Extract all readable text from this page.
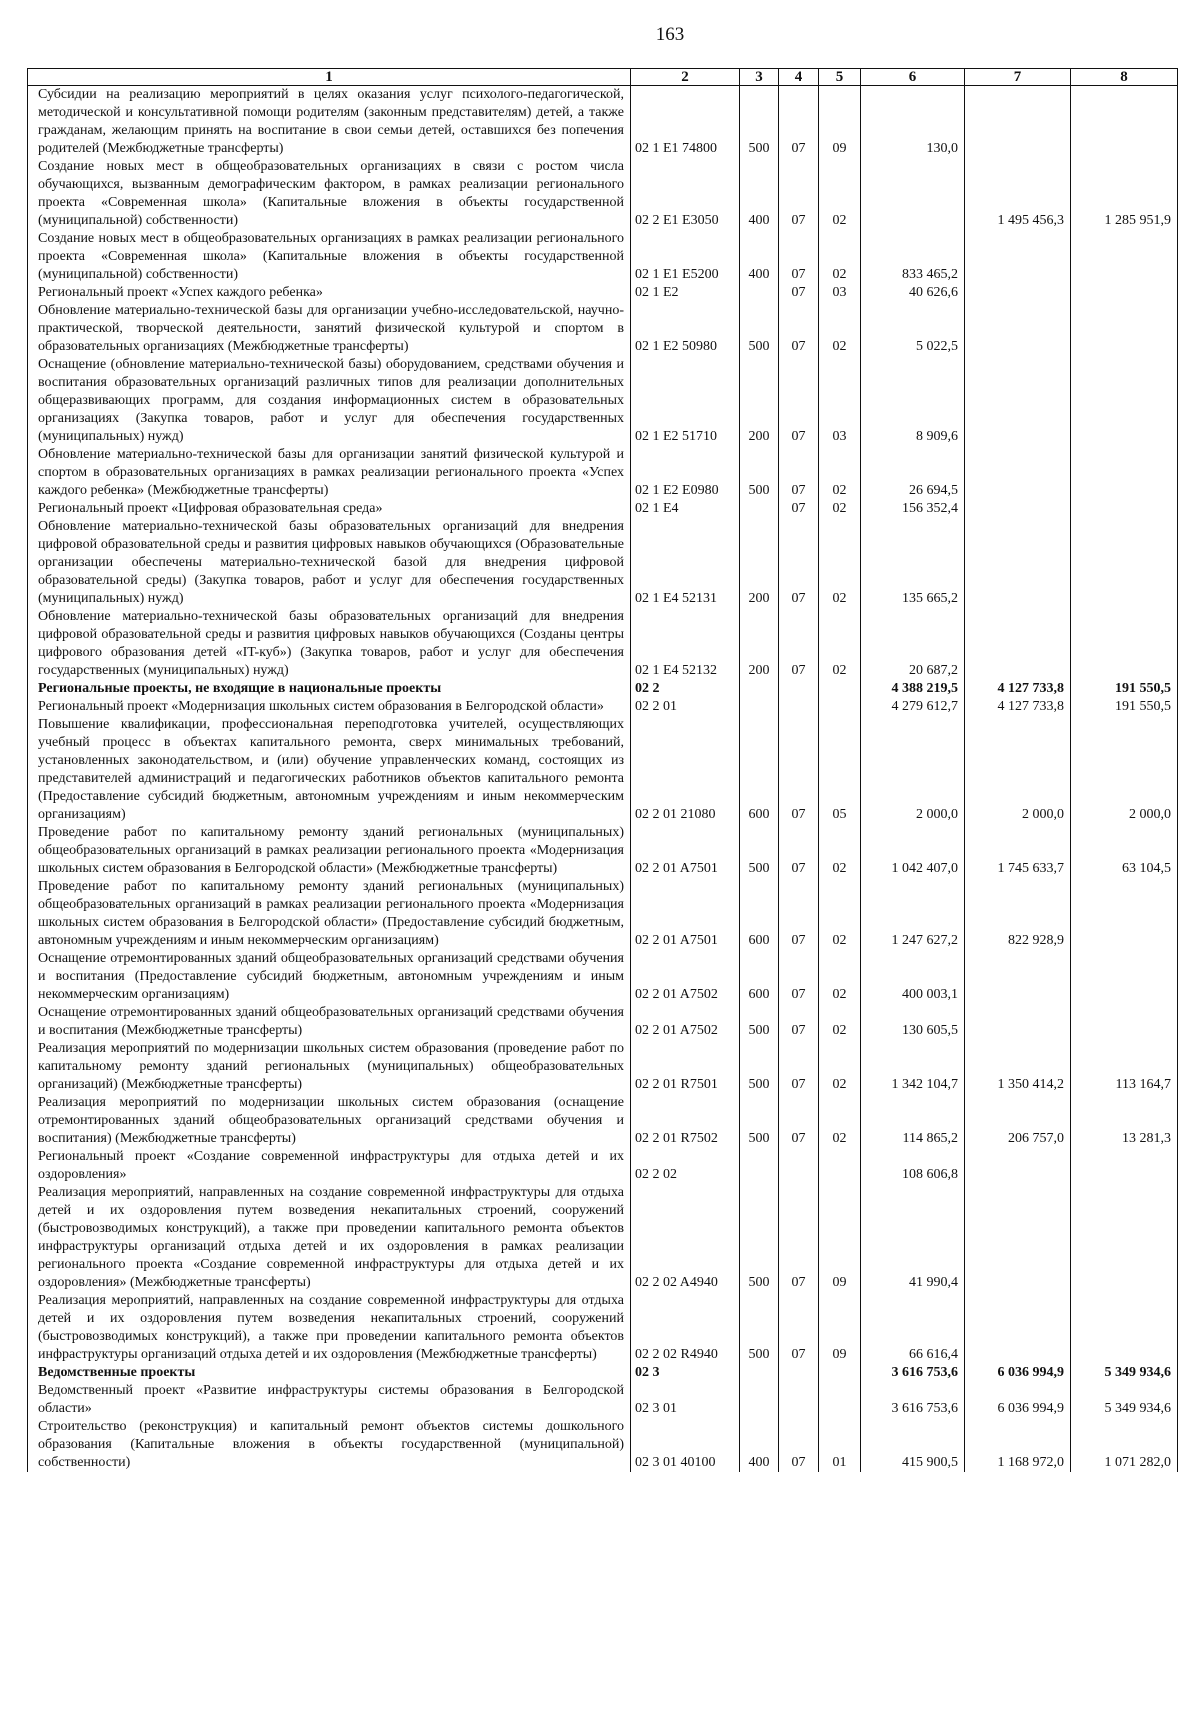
163
1	2	3	4	5	6	7	8
Субсидии на реализацию мероприятий в целях оказания услуг психолого-педагогической, методической и консультативной помощи родителям (законным представителям) детей, а также гражданам, желающим принять на воспитание в свои семьи детей, оставшихся без попечения родителей (Межбюджетные трансферты)	02 1 E1 74800	500	07	09	130,0		
Создание новых мест в общеобразовательных организациях в связи с ростом числа обучающихся, вызванным демографическим фактором, в рамках реализации регионального проекта «Современная школа» (Капитальные вложения в объекты государственной (муниципальной) собственности)	02 2 E1 E3050	400	07	02		1 495 456,3	1 285 951,9
Создание новых мест в общеобразовательных организациях в рамках реализации регионального проекта «Современная школа» (Капитальные вложения в объекты государственной (муниципальной) собственности)	02 1 E1 E5200	400	07	02	833 465,2		
Региональный проект «Успех каждого ребенка»	02 1 E2		07	03	40 626,6		
Обновление материально-технической базы для организации учебно-исследовательской, научно-практической, творческой деятельности, занятий физической культурой и спортом в образовательных организациях (Межбюджетные трансферты)	02 1 E2 50980	500	07	02	5 022,5		
Оснащение (обновление материально-технической базы) оборудованием, средствами обучения и воспитания образовательных организаций различных типов для реализации дополнительных общеразвивающих программ, для создания информационных систем в образовательных организациях (Закупка товаров, работ и услуг для обеспечения государственных (муниципальных) нужд)	02 1 E2 51710	200	07	03	8 909,6		
Обновление материально-технической базы для организации занятий физической культурой и спортом в образовательных организациях в рамках реализации регионального проекта «Успех каждого ребенка» (Межбюджетные трансферты)	02 1 E2 E0980	500	07	02	26 694,5		
Региональный проект «Цифровая образовательная среда»	02 1 E4		07	02	156 352,4		
Обновление материально-технической базы образовательных организаций для внедрения цифровой образовательной среды и развития цифровых навыков обучающихся (Образовательные организации обеспечены материально-технической базой для внедрения цифровой образовательной среды) (Закупка товаров, работ и услуг для обеспечения государственных (муниципальных) нужд)	02 1 E4 52131	200	07	02	135 665,2		
Обновление материально-технической базы образовательных организаций для внедрения цифровой образовательной среды и развития цифровых навыков обучающихся (Созданы центры цифрового образования детей «IT-куб») (Закупка товаров, работ и услуг для обеспечения государственных (муниципальных) нужд)	02 1 E4 52132	200	07	02	20 687,2		
Региональные проекты, не входящие в национальные проекты	02 2				4 388 219,5	4 127 733,8	191 550,5
Региональный проект «Модернизация школьных систем образования в Белгородской области»	02 2 01				4 279 612,7	4 127 733,8	191 550,5
Повышение квалификации, профессиональная переподготовка учителей, осуществляющих учебный процесс в объектах капитального ремонта, сверх минимальных требований, установленных законодательством, и (или) обучение управленческих команд, состоящих из представителей администраций и педагогических работников объектов капитального ремонта (Предоставление субсидий бюджетным, автономным учреждениям и иным некоммерческим организациям)	02 2 01 21080	600	07	05	2 000,0	2 000,0	2 000,0
Проведение работ по капитальному ремонту зданий региональных (муниципальных) общеобразовательных организаций в рамках реализации регионального проекта «Модернизация школьных систем образования в Белгородской области» (Межбюджетные трансферты)	02 2 01 A7501	500	07	02	1 042 407,0	1 745 633,7	63 104,5
Проведение работ по капитальному ремонту зданий региональных (муниципальных) общеобразовательных организаций в рамках реализации регионального проекта «Модернизация школьных систем образования в Белгородской области» (Предоставление субсидий бюджетным, автономным учреждениям и иным некоммерческим организациям)	02 2 01 A7501	600	07	02	1 247 627,2	822 928,9	
Оснащение отремонтированных зданий общеобразовательных организаций средствами обучения и воспитания (Предоставление субсидий бюджетным, автономным учреждениям и иным некоммерческим организациям)	02 2 01 A7502	600	07	02	400 003,1		
Оснащение отремонтированных зданий общеобразовательных организаций средствами обучения и воспитания (Межбюджетные трансферты)	02 2 01 A7502	500	07	02	130 605,5		
Реализация мероприятий по модернизации школьных систем образования (проведение работ по капитальному ремонту зданий региональных (муниципальных) общеобразовательных организаций) (Межбюджетные трансферты)	02 2 01 R7501	500	07	02	1 342 104,7	1 350 414,2	113 164,7
Реализация мероприятий по модернизации школьных систем образования (оснащение отремонтированных зданий общеобразовательных организаций средствами обучения и воспитания) (Межбюджетные трансферты)	02 2 01 R7502	500	07	02	114 865,2	206 757,0	13 281,3
Региональный проект «Создание современной инфраструктуры для отдыха детей и их оздоровления»	02 2 02				108 606,8		
Реализация мероприятий, направленных на создание современной инфраструктуры для отдыха детей и их оздоровления путем возведения некапитальных строений, сооружений (быстровозводимых конструкций), а также при проведении капитального ремонта объектов инфраструктуры организаций отдыха детей и их оздоровления в рамках реализации регионального проекта «Создание современной инфраструктуры для отдыха детей и их оздоровления» (Межбюджетные трансферты)	02 2 02 A4940	500	07	09	41 990,4		
Реализация мероприятий, направленных на создание современной инфраструктуры для отдыха детей и их оздоровления путем возведения некапитальных строений, сооружений (быстровозводимых конструкций), а также при проведении капитального ремонта объектов инфраструктуры организаций отдыха детей и их оздоровления (Межбюджетные трансферты)	02 2 02 R4940	500	07	09	66 616,4		
Ведомственные проекты	02 3				3 616 753,6	6 036 994,9	5 349 934,6
Ведомственный проект «Развитие инфраструктуры системы образования в Белгородской области»	02 3 01				3 616 753,6	6 036 994,9	5 349 934,6
Строительство (реконструкция) и капитальный ремонт объектов системы дошкольного образования (Капитальные вложения в объекты государственной (муниципальной) собственности)	02 3 01 40100	400	07	01	415 900,5	1 168 972,0	1 071 282,0
